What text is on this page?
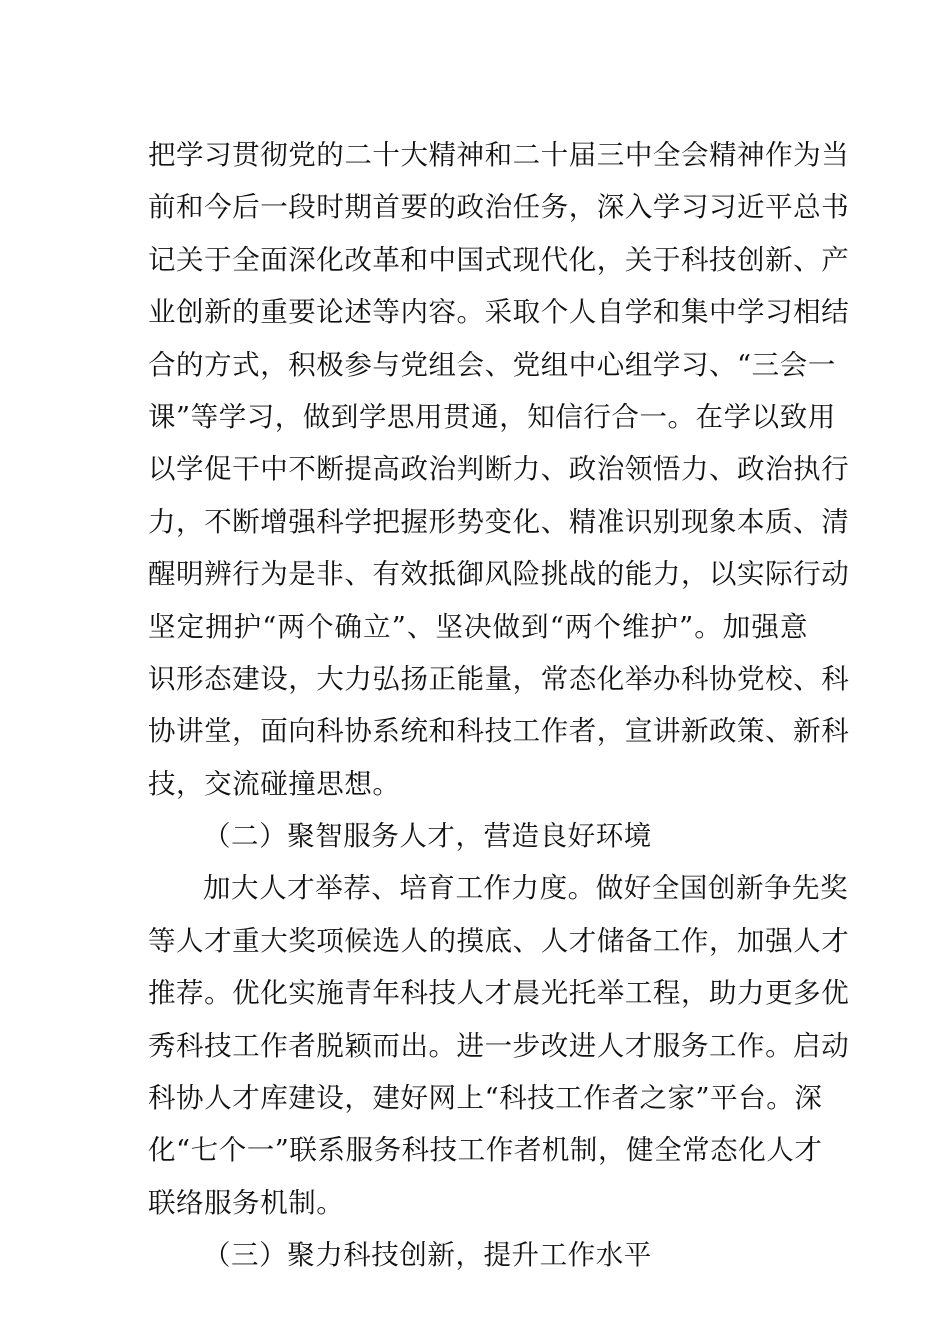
把学习贯彻党的二十大精神和二十届三中全会精神作为当
前和今后一段时期首要的政治任务，深入学习习近平总书
记关于全面深化改革和中国式现代化，关于科技创新、产
业创新的重要论述等内容。采取个人自学和集中学习相结
合的方式，积极参与党组会、党组中心组学习、“三会一
课”等学习，做到学思用贯通，知信行合一。在学以致用
以学促干中不断提高政治判断力、政治领悟力、政治执行
力，不断增强科学把握形势变化、精准识别现象本质、清
醒明辨行为是非、有效抵御风险挑战的能力，以实际行动
坚定拥护“两个确立”、坚决做到“两个维护”。加强意
识形态建设，大力弘扬正能量，常态化举办科协党校、科
协讲堂，面向科协系统和科技工作者，宣讲新政策、新科
技，交流碰撞思想。
（二）聚智服务人才，营造良好环境
加大人才举荐、培育工作力度。做好全国创新争先奖
等人才重大奖项候选人的摸底、人才储备工作，加强人才
推荐。优化实施青年科技人才晨光托举工程，助力更多优
秀科技工作者脱颖而出。进一步改进人才服务工作。启动
科协人才库建设，建好网上“科技工作者之家”平台。深
化“七个一”联系服务科技工作者机制，健全常态化人才
联络服务机制。
（三）聚力科技创新，提升工作水平
